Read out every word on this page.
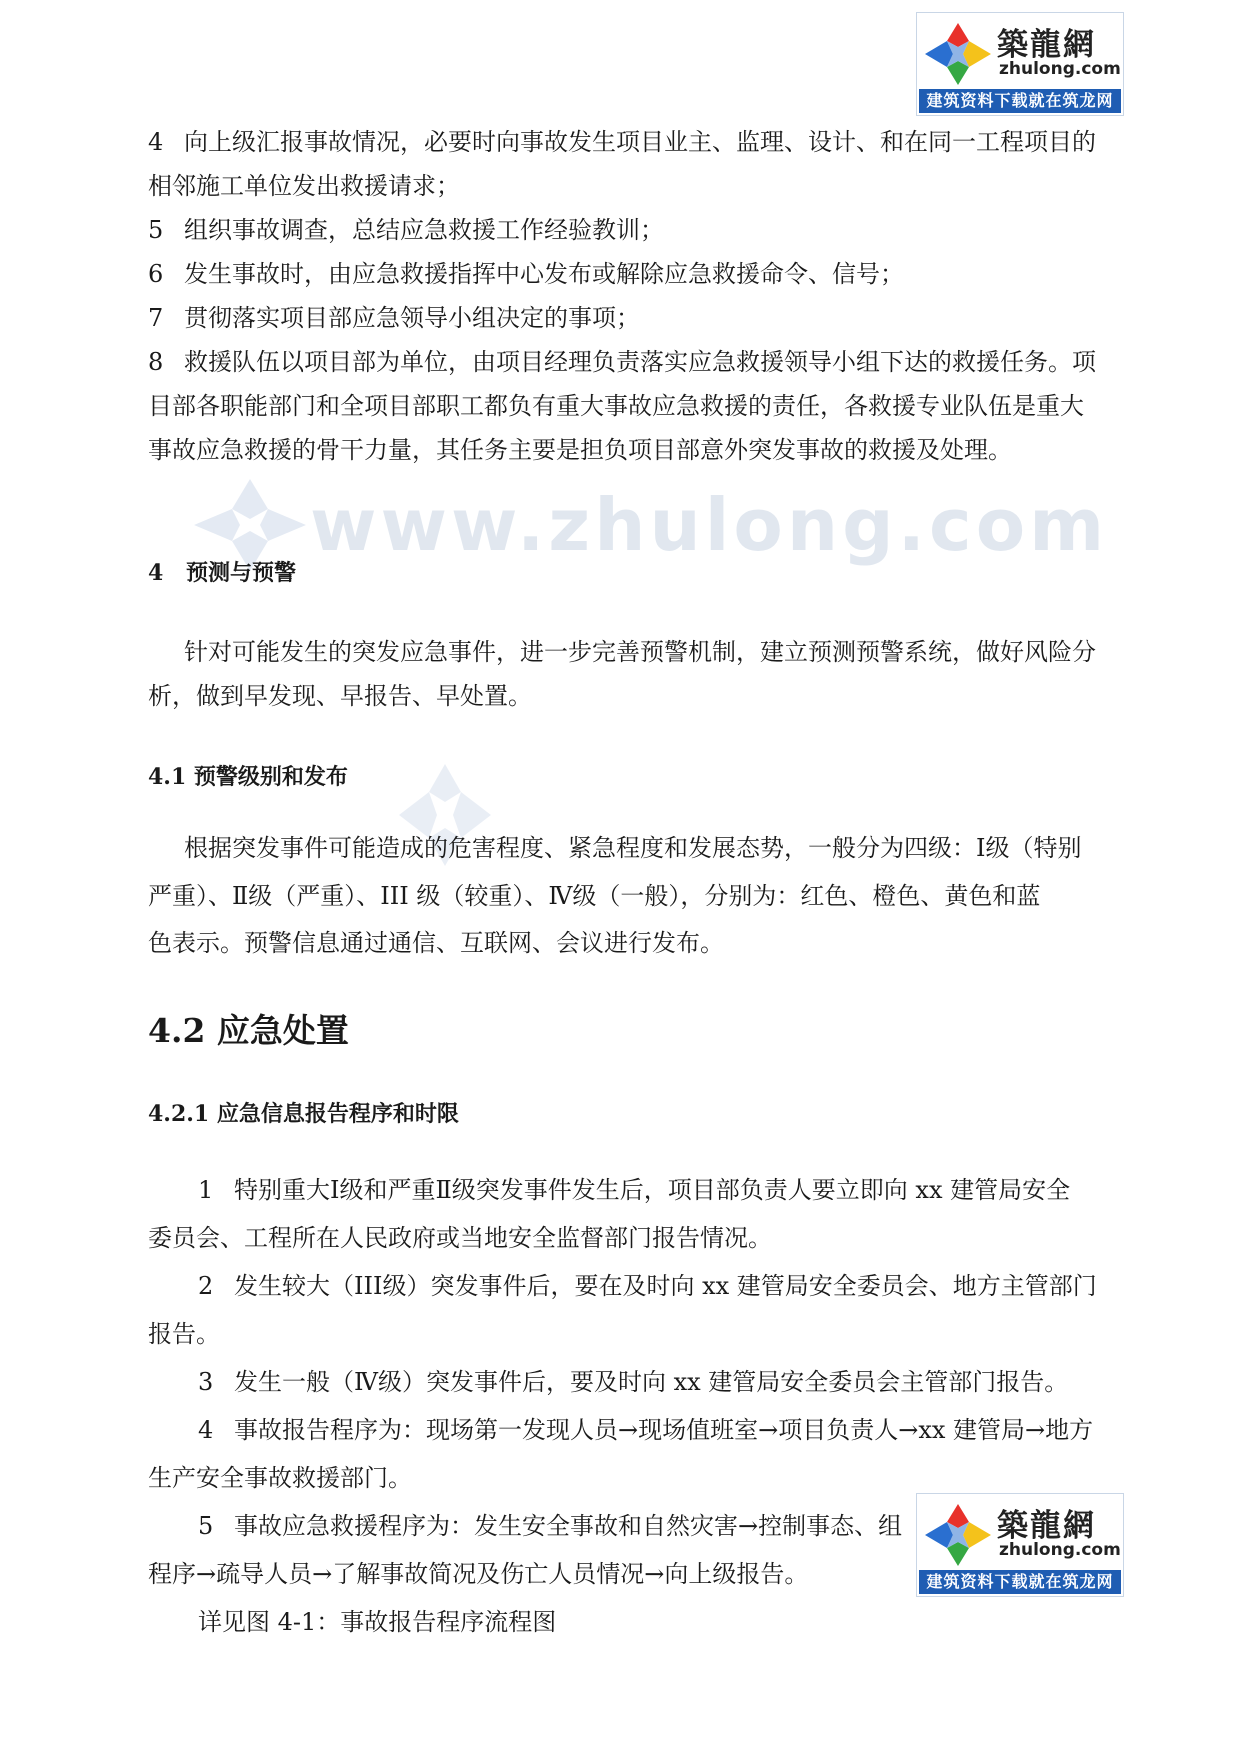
築龍網
zhulong.com
建筑资料下载就在筑龙网
www.zhulong.com
4 向上级汇报事故情况，必要时向事故发生项目业主、监理、设计、和在同一工程项目的
相邻施工单位发出救援请求；
5 组织事故调查，总结应急救援工作经验教训；
6 发生事故时，由应急救援指挥中心发布或解除应急救援命令、信号；
7 贯彻落实项目部应急领导小组决定的事项；
8 救援队伍以项目部为单位，由项目经理负责落实应急救援领导小组下达的救援任务。项
目部各职能部门和全项目部职工都负有重大事故应急救援的责任，各救援专业队伍是重大
事故应急救援的骨干力量，其任务主要是担负项目部意外突发事故的救援及处理。
4 预测与预警
针对可能发生的突发应急事件，进一步完善预警机制，建立预测预警系统，做好风险分
析，做到早发现、早报告、早处置。
4.1 预警级别和发布
根据突发事件可能造成的危害程度、紧急程度和发展态势，一般分为四级：Ⅰ级（特别
严重）、Ⅱ级（严重）、III 级（较重）、Ⅳ级（一般），分别为：红色、橙色、黄色和蓝
色表示。预警信息通过通信、互联网、会议进行发布。
4.2 应急处置
4.2.1 应急信息报告程序和时限
1 特别重大Ⅰ级和严重Ⅱ级突发事件发生后，项目部负责人要立即向 xx 建管局安全
委员会、工程所在人民政府或当地安全监督部门报告情况。
2 发生较大（III级）突发事件后，要在及时向 xx 建管局安全委员会、地方主管部门
报告。
3 发生一般（Ⅳ级）突发事件后，要及时向 xx 建管局安全委员会主管部门报告。
4 事故报告程序为：现场第一发现人员→现场值班室→项目负责人→xx 建管局→地方
生产安全事故救援部门。
5 事故应急救援程序为：发生安全事故和自然灾害→控制事态、组
程序→疏导人员→了解事故简况及伤亡人员情况→向上级报告。
详见图 4-1：事故报告程序流程图
築龍網
zhulong.com
建筑资料下载就在筑龙网
